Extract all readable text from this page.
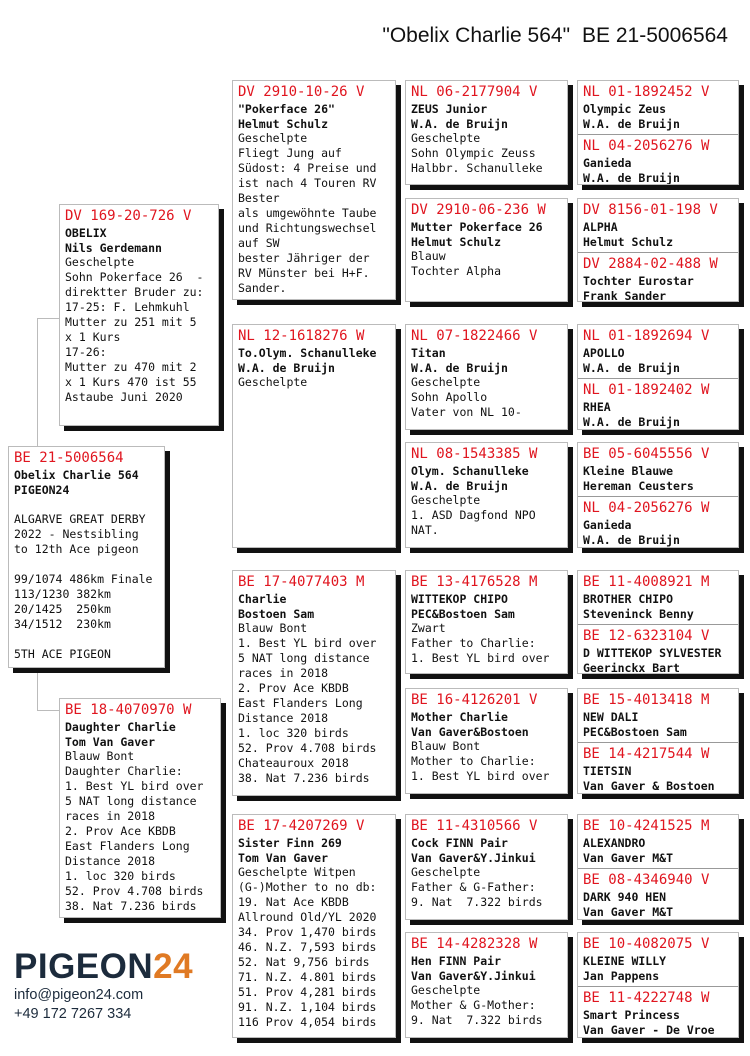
"Obelix Charlie 564" BE 21-5006564
BE 21-5006564
Obelix Charlie 564
PIGEON24
ALGARVE GREAT DERBY
2022 - Nestsibling
to 12th Ace pigeon
99/1074 486km Finale
113/1230 382km
20/1425  250km
34/1512  230km
5TH ACE PIGEON
DV 169-20-726 V
OBELIX
Nils Gerdemann
Geschelpte
Sohn Pokerface 26  -
direktter Bruder zu:
17-25: F. Lehmkuhl
Mutter zu 251 mit 5
x 1 Kurs
17-26:
Mutter zu 470 mit 2
x 1 Kurs 470 ist 55
Astaube Juni 2020
BE 18-4070970 W
Daughter Charlie
Tom Van Gaver
Blauw Bont
Daughter Charlie:
1. Best YL bird over
5 NAT long distance
races in 2018
2. Prov Ace KBDB
East Flanders Long
Distance 2018
1. loc 320 birds
52. Prov 4.708 birds
38. Nat 7.236 birds
DV 2910-10-26 V
"Pokerface 26"
Helmut Schulz
Geschelpte
Fliegt Jung auf
Südost: 4 Preise und
ist nach 4 Touren RV
Bester
als umgewöhnte Taube
und Richtungswechsel
auf SW
bester Jähriger der
RV Münster bei H+F.
Sander.
NL 12-1618276 W
To.Olym. Schanulleke
W.A. de Bruijn
Geschelpte
BE 17-4077403 M
Charlie
Bostoen Sam
Blauw Bont
1. Best YL bird over
5 NAT long distance
races in 2018
2. Prov Ace KBDB
East Flanders Long
Distance 2018
1. loc 320 birds
52. Prov 4.708 birds
Chateauroux 2018
38. Nat 7.236 birds
BE 17-4207269 V
Sister Finn 269
Tom Van Gaver
Geschelpte Witpen
(G-)Mother to no db:
19. Nat Ace KBDB
Allround Old/YL 2020
34. Prov 1,470 birds
46. N.Z. 7,593 birds
52. Nat 9,756 birds
71. N.Z. 4.801 birds
51. Prov 4,281 birds
91. N.Z. 1,104 birds
116 Prov 4,054 birds
NL 06-2177904 V
ZEUS Junior
W.A. de Bruijn
Geschelpte
Sohn Olympic Zeuss
Halbbr. Schanulleke
DV 2910-06-236 W
Mutter Pokerface 26
Helmut Schulz
Blauw
Tochter Alpha
NL 07-1822466 V
Titan
W.A. de Bruijn
Geschelpte
Sohn Apollo
Vater von NL 10-
NL 08-1543385 W
Olym. Schanulleke
W.A. de Bruijn
Geschelpte
1. ASD Dagfond NPO
NAT.
BE 13-4176528 M
WITTEKOP CHIPO
PEC&Bostoen Sam
Zwart
Father to Charlie:
1. Best YL bird over
BE 16-4126201 V
Mother Charlie
Van Gaver&Bostoen
Blauw Bont
Mother to Charlie:
1. Best YL bird over
BE 11-4310566 V
Cock FINN Pair
Van Gaver&Y.Jinkui
Geschelpte
Father & G-Father:
9. Nat  7.322 birds
BE 14-4282328 W
Hen FINN Pair
Van Gaver&Y.Jinkui
Geschelpte
Mother & G-Mother:
9. Nat  7.322 birds
NL 01-1892452 V
Olympic Zeus
W.A. de Bruijn
NL 04-2056276 W
Ganieda
W.A. de Bruijn
DV 8156-01-198 V
ALPHA
Helmut Schulz
DV 2884-02-488 W
Tochter Eurostar
Frank Sander
NL 01-1892694 V
APOLLO
W.A. de Bruijn
NL 01-1892402 W
RHEA
W.A. de Bruijn
BE 05-6045556 V
Kleine Blauwe
Hereman Ceusters
NL 04-2056276 W
Ganieda
W.A. de Bruijn
BE 11-4008921 M
BROTHER CHIPO
Steveninck Benny
BE 12-6323104 V
D WITTEKOP SYLVESTER
Geerinckx Bart
BE 15-4013418 M
NEW DALI
PEC&Bostoen Sam
BE 14-4217544 W
TIETSIN
Van Gaver & Bostoen
BE 10-4241525 M
ALEXANDRO
Van Gaver M&T
BE 08-4346940 V
DARK 940 HEN
Van Gaver M&T
BE 10-4082075 V
KLEINE WILLY
Jan Pappens
BE 11-4222748 W
Smart Princess
Van Gaver - De Vroe
PIGEON24
info@pigeon24.com
+49 172 7267 334
